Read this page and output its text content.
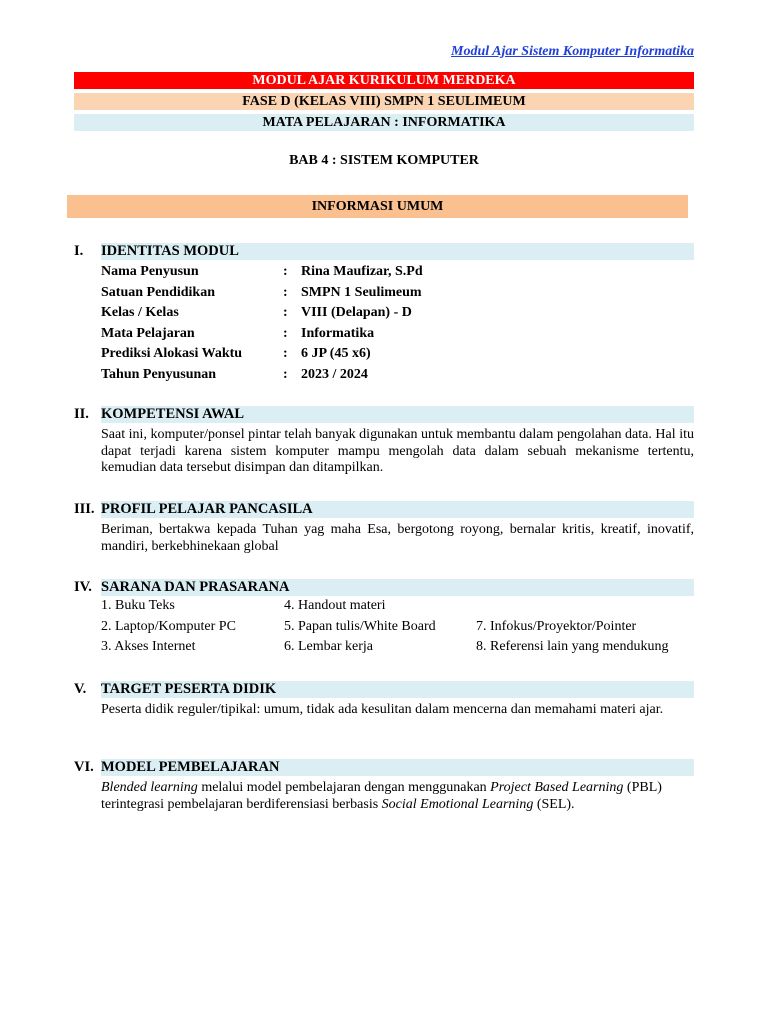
Modul Ajar Sistem Komputer Informatika
MODUL AJAR KURIKULUM MERDEKA
FASE D (KELAS VIII) SMPN 1 SEULIMEUM
MATA PELAJARAN : INFORMATIKA
BAB 4 : SISTEM KOMPUTER
INFORMASI UMUM
I.	IDENTITAS MODUL
Nama Penyusun	: Rina Maufizar, S.Pd
Satuan Pendidikan	: SMPN 1 Seulimeum
Kelas / Kelas	: VIII (Delapan) - D
Mata Pelajaran	: Informatika
Prediksi Alokasi Waktu	: 6 JP (45 x6)
Tahun Penyusunan	: 2023 / 2024
II. KOMPETENSI AWAL
Saat ini, komputer/ponsel pintar telah banyak digunakan untuk membantu dalam pengolahan data. Hal itu dapat terjadi karena sistem komputer mampu mengolah data dalam sebuah mekanisme tertentu, kemudian data tersebut disimpan dan ditampilkan.
III. PROFIL PELAJAR PANCASILA
Beriman, bertakwa kepada Tuhan yag maha Esa, bergotong royong, bernalar kritis, kreatif, inovatif, mandiri, berkebhinekaan global
IV. SARANA DAN PRASARANA
1. Buku Teks	4. Handout materi
2. Laptop/Komputer PC	5. Papan tulis/White Board	7. Infokus/Proyektor/Pointer
3. Akses Internet	6. Lembar kerja	8. Referensi lain yang mendukung
V.	TARGET PESERTA DIDIK
Peserta didik reguler/tipikal: umum, tidak ada kesulitan dalam mencerna dan memahami materi ajar.
VI. MODEL PEMBELAJARAN
Blended learning melalui model pembelajaran dengan menggunakan Project Based Learning (PBL) terintegrasi pembelajaran berdiferensiasi berbasis Social Emotional Learning (SEL).
